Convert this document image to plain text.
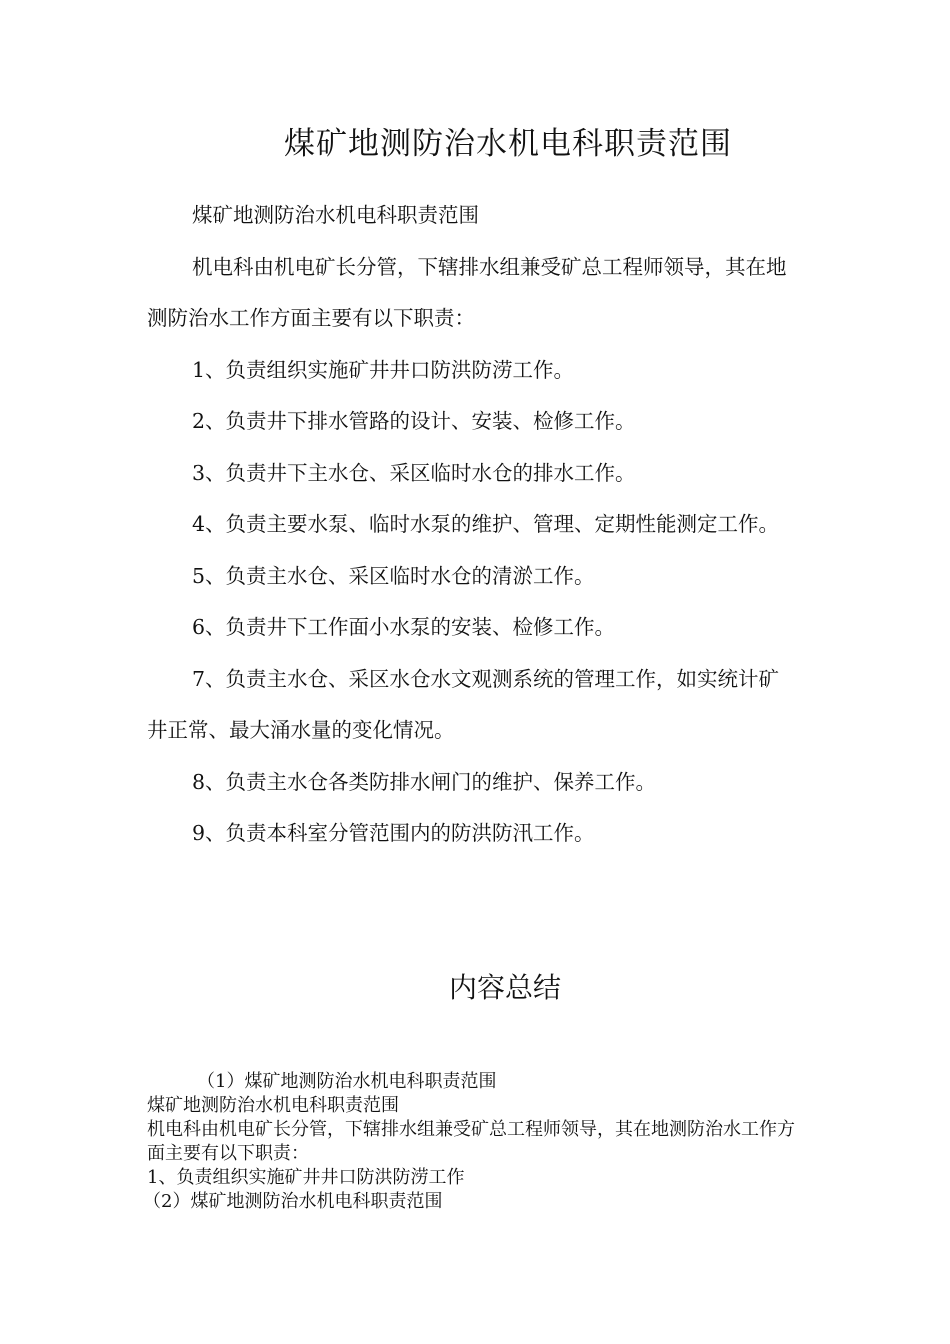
煤矿地测防治水机电科职责范围

煤矿地测防治水机电科职责范围

机电科由机电矿长分管，下辖排水组兼受矿总工程师领导，其在地测防治水工作方面主要有以下职责：

1、负责组织实施矿井井口防洪防涝工作。

2、负责井下排水管路的设计、安装、检修工作。

3、负责井下主水仓、采区临时水仓的排水工作。

4、负责主要水泵、临时水泵的维护、管理、定期性能测定工作。

5、负责主水仓、采区临时水仓的清淤工作。

6、负责井下工作面小水泵的安装、检修工作。

7、负责主水仓、采区水仓水文观测系统的管理工作，如实统计矿井正常、最大涌水量的变化情况。

8、负责主水仓各类防排水闸门的维护、保养工作。

9、负责本科室分管范围内的防洪防汛工作。

内容总结

（1）煤矿地测防治水机电科职责范围

煤矿地测防治水机电科职责范围

机电科由机电矿长分管，下辖排水组兼受矿总工程师领导，其在地测防治水工作方面主要有以下职责：

1、负责组织实施矿井井口防洪防涝工作

（2）煤矿地测防治水机电科职责范围
